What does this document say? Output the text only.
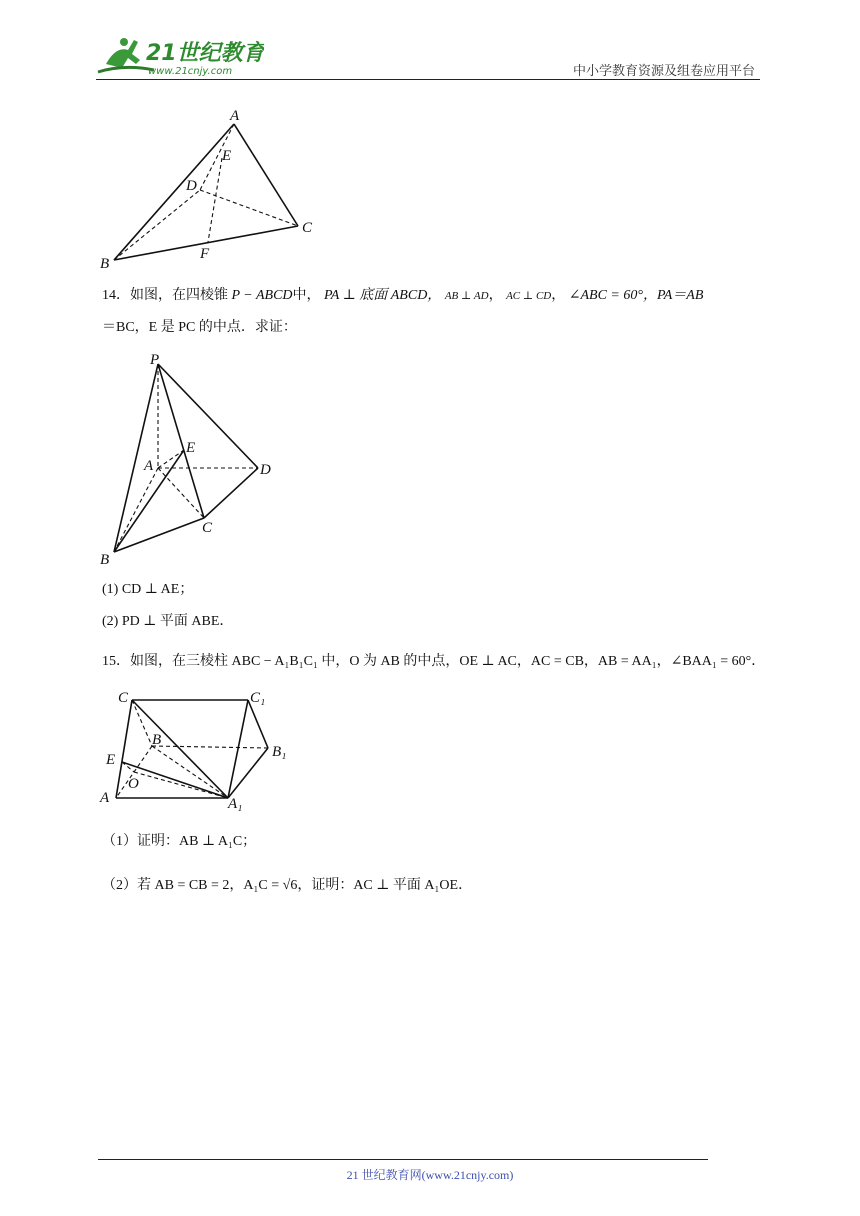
21世纪教育
www.21cnjy.com	中小学教育资源及组卷应用平台
A
E
D
C
B
F
14．如图，在四棱锥 P − ABCD中， PA ⊥ 底面 ABCD， AB ⊥ AD， AC ⊥ CD， ∠ABC = 60°，PA＝AB
＝BC，E 是 PC 的中点．求证：
P
E
A	D
C
B
(1) CD ⊥ AE；
(2) PD ⊥ 平面 ABE．
15．如图，在三棱柱 ABC − A₁B₁C₁ 中，O 为 AB 的中点，OE ⊥ AC，AC = CB，AB = AA₁，∠BAA₁ = 60°．
C	C₁
B
B₁
E
O
A	A₁
（1）证明：AB ⊥ A₁C；
（2）若 AB = CB = 2，A₁C = √6，证明：AC ⊥ 平面 A₁OE．
21 世纪教育网(www.21cnjy.com)
